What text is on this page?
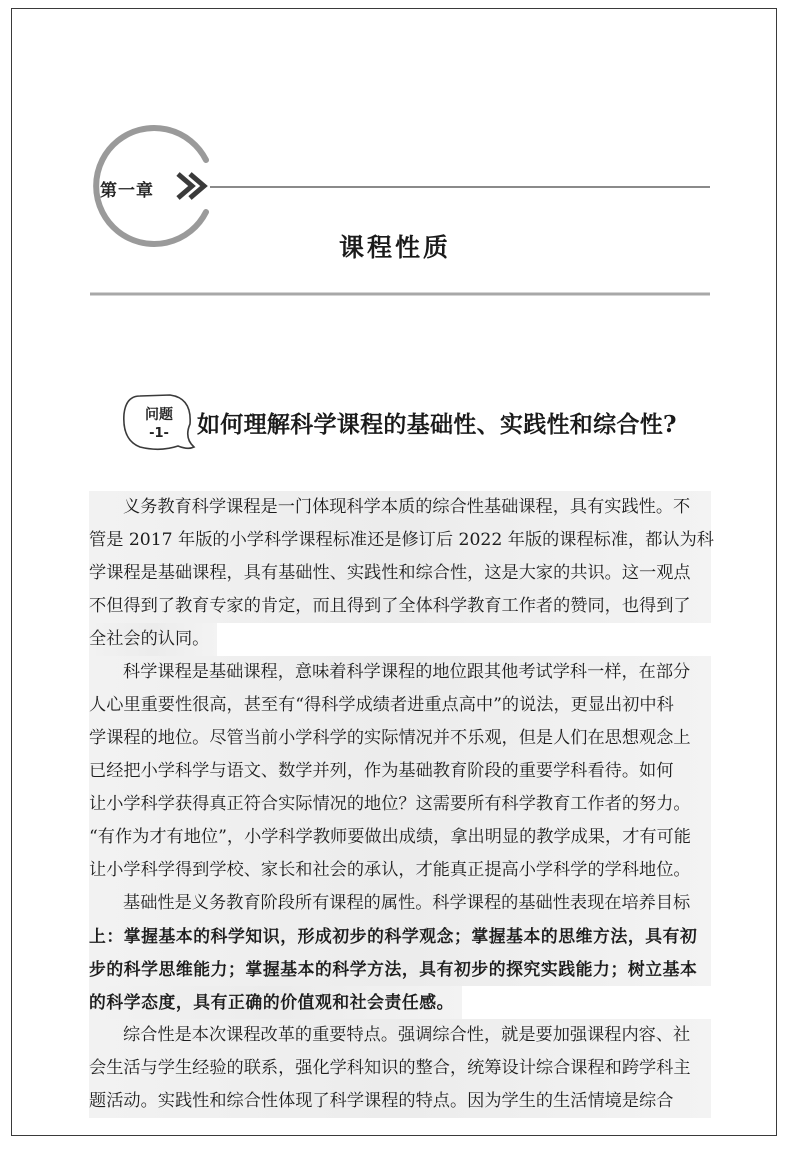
第一章
课程性质
问题
-1-	如何理解科学课程的基础性、实践性和综合性?
义务教育科学课程是一门体现科学本质的综合性基础课程，具有实践性。不
管是 2017 年版的小学科学课程标准还是修订后 2022 年版的课程标准，都认为科
学课程是基础课程，具有基础性、实践性和综合性，这是大家的共识。这一观点
不但得到了教育专家的肯定，而且得到了全体科学教育工作者的赞同，也得到了
全社会的认同。
科学课程是基础课程，意味着科学课程的地位跟其他考试学科一样，在部分
人心里重要性很高，甚至有“得科学成绩者进重点高中”的说法，更显出初中科
学课程的地位。尽管当前小学科学的实际情况并不乐观，但是人们在思想观念上
已经把小学科学与语文、数学并列，作为基础教育阶段的重要学科看待。如何
让小学科学获得真正符合实际情况的地位？这需要所有科学教育工作者的努力。
“有作为才有地位”，小学科学教师要做出成绩，拿出明显的教学成果，才有可能
让小学科学得到学校、家长和社会的承认，才能真正提高小学科学的学科地位。
基础性是义务教育阶段所有课程的属性。科学课程的基础性表现在培养目标
上：掌握基本的科学知识，形成初步的科学观念；掌握基本的思维方法，具有初
步的科学思维能力；掌握基本的科学方法，具有初步的探究实践能力；树立基本
的科学态度，具有正确的价值观和社会责任感。
综合性是本次课程改革的重要特点。强调综合性，就是要加强课程内容、社
会生活与学生经验的联系，强化学科知识的整合，统筹设计综合课程和跨学科主
题活动。实践性和综合性体现了科学课程的特点。因为学生的生活情境是综合
